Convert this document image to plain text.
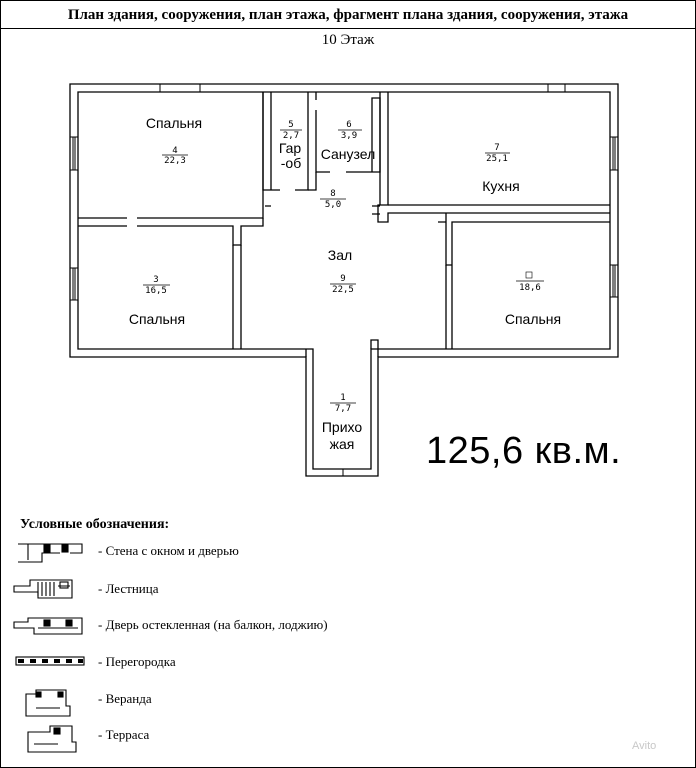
План здания, сооружения, план этажа, фрагмент плана здания, сооружения, этажа
10 Этаж
4
22,3
5
2,7
6
3,9
7
25,1
8
5,0
9
22,5
3
16,5	18,6
1
7,7
Спальня
Гар
-об
Санузел
Кухня
Зал
Спальня	Спальня
Прихо
жая 125,6 кв.м.
Условные обозначения:
- Стена с окном и дверью
- Лестница
- Дверь остекленная (на балкон, лоджию)
- Перегородка
- Веранда
- Терраса
Avito
